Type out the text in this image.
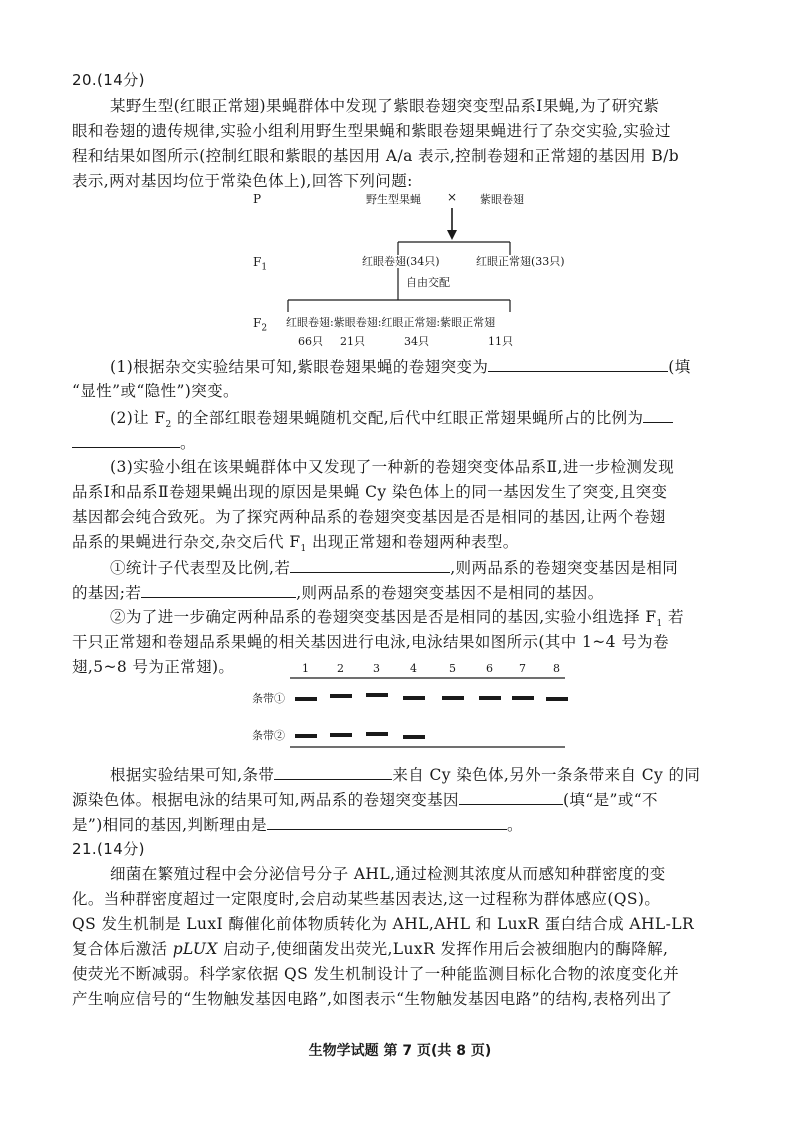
20.(14分)
某野生型(红眼正常翅)果蝇群体中发现了紫眼卷翅突变型品系Ⅰ果蝇,为了研究紫
眼和卷翅的遗传规律,实验小组利用野生型果蝇和紫眼卷翅果蝇进行了杂交实验,实验过
程和结果如图所示(控制红眼和紫眼的基因用 A/a 表示,控制卷翅和正常翅的基因用 B/b
表示,两对基因均位于常染色体上),回答下列问题:
P	野生型果蝇 × 紫眼卷翅
$F_1$	红眼卷翅(34只)	红眼正常翅(33只)
自由交配
$F_2$ 红眼卷翅:紫眼卷翅:红眼正常翅:紫眼正常翅
66只 21只	34只	11只
(1)根据杂交实验结果可知,紫眼卷翅果蝇的卷翅突变为	(填
“显性”或“隐性”)突变。
(2)让 $F_2$ 的全部红眼卷翅果蝇随机交配,后代中红眼正常翅果蝇所占的比例为
。
(3)实验小组在该果蝇群体中又发现了一种新的卷翅突变体品系Ⅱ,进一步检测发现
品系Ⅰ和品系Ⅱ卷翅果蝇出现的原因是果蝇 Cy 染色体上的同一基因发生了突变,且突变
基因都会纯合致死。为了探究两种品系的卷翅突变基因是否是相同的基因,让两个卷翅
品系的果蝇进行杂交,杂交后代 $F_1$ 出现正常翅和卷翅两种表型。
①统计子代表型及比例,若	,则两品系的卷翅突变基因是相同
的基因;若	,则两品系的卷翅突变基因不是相同的基因。
②为了进一步确定两种品系的卷翅突变基因是否是相同的基因,实验小组选择 $F_1$ 若
干只正常翅和卷翅品系果蝇的相关基因进行电泳,电泳结果如图所示(其中 1~4 号为卷
翅,5~8 号为正常翅)。	1	2	3	4	5	6 7 8
条带①
条带②
根据实验结果可知,条带	来自 Cy 染色体,另外一条条带来自 Cy 的同
源染色体。根据电泳的结果可知,两品系的卷翅突变基因	(填“是”或“不
是”)相同的基因,判断理由是	。
21.(14分)
细菌在繁殖过程中会分泌信号分子 AHL,通过检测其浓度从而感知种群密度的变
化。当种群密度超过一定限度时,会启动某些基因表达,这一过程称为群体感应(QS)。
QS 发生机制是 LuxI 酶催化前体物质转化为 AHL,AHL 和 LuxR 蛋白结合成 AHL-LR
复合体后激活 pLUX 启动子,使细菌发出荧光,LuxR 发挥作用后会被细胞内的酶降解,
使荧光不断减弱。科学家依据 QS 发生机制设计了一种能监测目标化合物的浓度变化并
产生响应信号的“生物触发基因电路”,如图表示“生物触发基因电路”的结构,表格列出了
生物学试题 第 7 页(共 8 页)
